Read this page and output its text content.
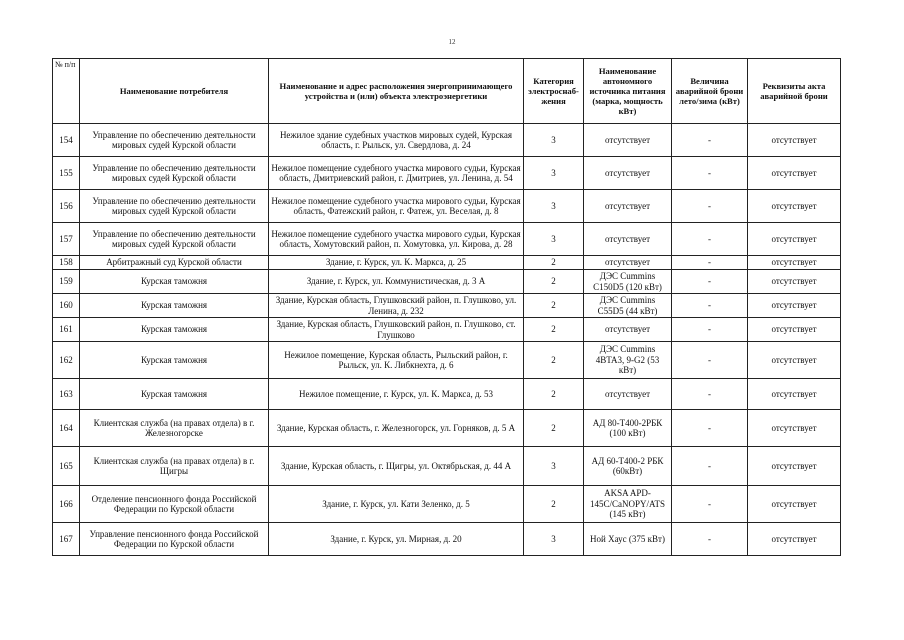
12
№ п/п	Наименование потребителя	Наименование и адрес расположения энергопринимающего устройства и (или) объекта электроэнергетики	Категория электроснаб-жения	Наименование автономного источника питания (марка, мощность кВт)	Величина аварийной брони лето/зима (кВт)	Реквизиты акта аварийной брони
154	Управление по обеспечению деятельности мировых судей Курской области	Нежилое здание судебных участков мировых судей, Курская область, г. Рыльск, ул. Свердлова, д. 24	3	отсутствует	-	отсутствует
155	Управление по обеспечению деятельности мировых судей Курской области	Нежилое помещение судебного участка мирового судьи, Курская область, Дмитриевский район, г. Дмитриев, ул. Ленина, д. 54	3	отсутствует	-	отсутствует
156	Управление по обеспечению деятельности мировых судей Курской области	Нежилое помещение судебного участка мирового судьи, Курская область, Фатежский район, г. Фатеж, ул. Веселая, д. 8	3	отсутствует	-	отсутствует
157	Управление по обеспечению деятельности мировых судей Курской области	Нежилое помещение судебного участка мирового судьи, Курская область, Хомутовский район, п. Хомутовка, ул. Кирова, д. 28	3	отсутствует	-	отсутствует
158	Арбитражный суд Курской области	Здание, г. Курск, ул. К. Маркса, д. 25	2	отсутствует	-	отсутствует
159	Курская таможня	Здание, г. Курск, ул. Коммунистическая, д. 3 А	2	ДЭС Cummins C150D5 (120 кВт)	-	отсутствует
160	Курская таможня	Здание, Курская область, Глушковский район, п. Глушково, ул. Ленина, д. 232	2	ДЭС Cummins C55D5 (44 кВт)	-	отсутствует
161	Курская таможня	Здание, Курская область, Глушковский район, п. Глушково, ст. Глушково	2	отсутствует	-	отсутствует
162	Курская таможня	Нежилое помещение, Курская область, Рыльский район, г. Рыльск, ул. К. Либкнехта, д. 6	2	ДЭС Cummins 4BTA3, 9-G2 (53 кВт)	-	отсутствует
163	Курская таможня	Нежилое помещение, г. Курск, ул. К. Маркса, д. 53	2	отсутствует	-	отсутствует
164	Клиентская служба (на правах отдела) в г. Железногорске	Здание, Курская область, г. Железногорск, ул. Горняков, д. 5 А	2	АД 80-Т400-2РБК (100 кВт)	-	отсутствует
165	Клиентская служба (на правах отдела) в г. Щигры	Здание, Курская область, г. Щигры, ул. Октябрьская, д. 44 А	3	АД 60-Т400-2 РБК (60кВт)	-	отсутствует
166	Отделение пенсионного фонда Российской Федерации по Курской области	Здание, г. Курск, ул. Кати Зеленко, д. 5	2	AKSA APD-145C/CaNOPY/ATS (145 кВт)	-	отсутствует
167	Управление пенсионного фонда Российской Федерации по Курской области	Здание, г. Курск, ул. Мирная, д. 20	3	Ной Хаус (375 кВт)	-	отсутствует
